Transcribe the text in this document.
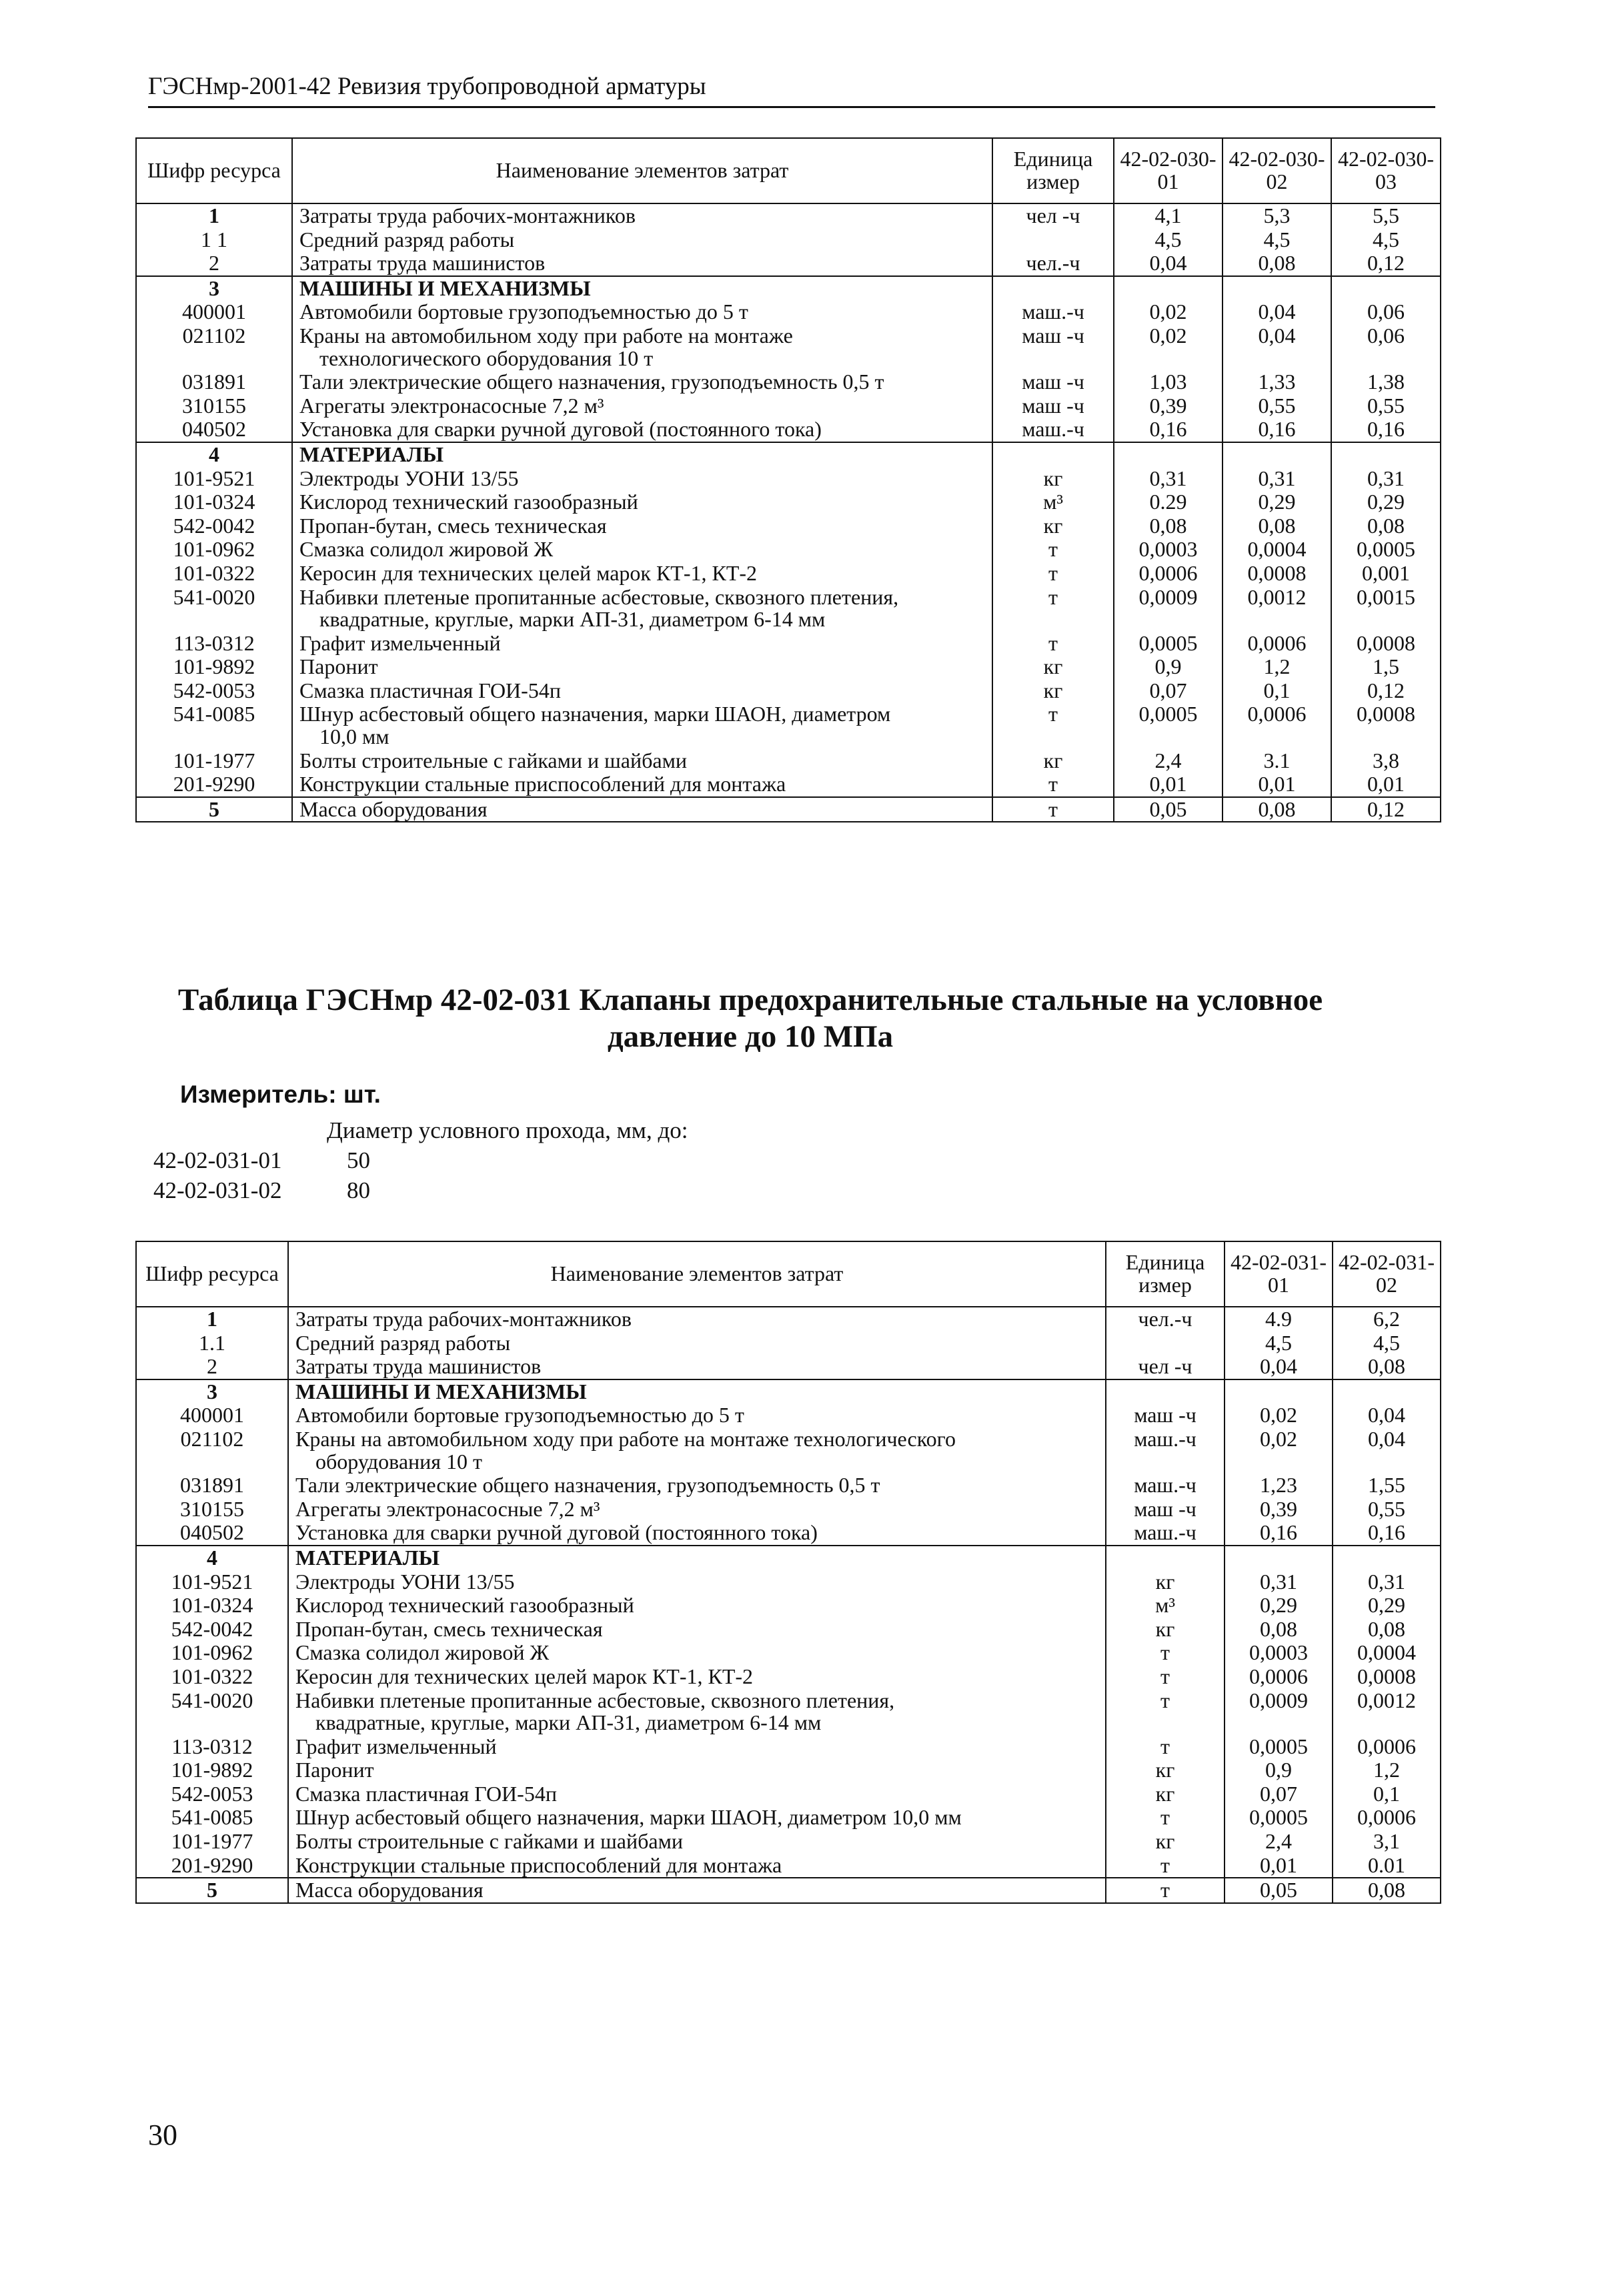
ГЭСНмр-2001-42 Ревизия трубопроводной арматуры
Шифр ресурса	Наименование элементов затрат	Единица измер	42-02-030-01	42-02-030-02	42-02-030-03
1	Затраты труда рабочих-монтажников	чел -ч	4,1	5,3	5,5
1 1	Средний разряд работы		4,5	4,5	4,5
2	Затраты труда машинистов	чел.-ч	0,04	0,08	0,12
3	МАШИНЫ И МЕХАНИЗМЫ				
400001	Автомобили бортовые грузоподъемностью до 5 т	маш.-ч	0,02	0,04	0,06
021102	Краны на автомобильном ходу при работе на монтаже
технологического оборудования 10 т	маш -ч	0,02	0,04	0,06
031891	Тали электрические общего назначения, грузоподъемность 0,5 т	маш -ч	1,03	1,33	1,38
310155	Агрегаты электронасосные 7,2 м³	маш -ч	0,39	0,55	0,55
040502	Установка для сварки ручной дуговой (постоянного тока)	маш.-ч	0,16	0,16	0,16
4	МАТЕРИАЛЫ				
101-9521	Электроды УОНИ 13/55	кг	0,31	0,31	0,31
101-0324	Кислород технический газообразный	м³	0.29	0,29	0,29
542-0042	Пропан-бутан, смесь техническая	кг	0,08	0,08	0,08
101-0962	Смазка солидол жировой Ж	т	0,0003	0,0004	0,0005
101-0322	Керосин для технических целей марок КТ-1, КТ-2	т	0,0006	0,0008	0,001
541-0020	Набивки плетеные пропитанные асбестовые, сквозного плетения,
квадратные, круглые, марки АП-31, диаметром 6-14 мм	т	0,0009	0,0012	0,0015
113-0312	Графит измельченный	т	0,0005	0,0006	0,0008
101-9892	Паронит	кг	0,9	1,2	1,5
542-0053	Смазка пластичная ГОИ-54п	кг	0,07	0,1	0,12
541-0085	Шнур асбестовый общего назначения, марки ШАОН, диаметром
10,0 мм	т	0,0005	0,0006	0,0008
101-1977	Болты строительные с гайками и шайбами	кг	2,4	3.1	3,8
201-9290	Конструкции стальные приспособлений для монтажа	т	0,01	0,01	0,01
5	Масса оборудования	т	0,05	0,08	0,12
Таблица ГЭСНмр 42-02-031 Клапаны предохранительные стальные на условное
давление до 10 МПа
Измеритель: шт.
Диаметр условного прохода, мм, до:
42-02-031-01	50
42-02-031-02	80
Шифр ресурса	Наименование элементов затрат	Единица измер	42-02-031-01	42-02-031-02
1	Затраты труда рабочих-монтажников	чел.-ч	4.9	6,2
1.1	Средний разряд работы		4,5	4,5
2	Затраты труда машинистов	чел -ч	0,04	0,08
3	МАШИНЫ И МЕХАНИЗМЫ			
400001	Автомобили бортовые грузоподъемностью до 5 т	маш -ч	0,02	0,04
021102	Краны на автомобильном ходу при работе на монтаже технологического
оборудования 10 т	маш.-ч	0,02	0,04
031891	Тали электрические общего назначения, грузоподъемность 0,5 т	маш.-ч	1,23	1,55
310155	Агрегаты электронасосные 7,2 м³	маш -ч	0,39	0,55
040502	Установка для сварки ручной дуговой (постоянного тока)	маш.-ч	0,16	0,16
4	МАТЕРИАЛЫ			
101-9521	Электроды УОНИ 13/55	кг	0,31	0,31
101-0324	Кислород технический газообразный	м³	0,29	0,29
542-0042	Пропан-бутан, смесь техническая	кг	0,08	0,08
101-0962	Смазка солидол жировой Ж	т	0,0003	0,0004
101-0322	Керосин для технических целей марок КТ-1, КТ-2	т	0,0006	0,0008
541-0020	Набивки плетеные пропитанные асбестовые, сквозного плетения,
квадратные, круглые, марки АП-31, диаметром 6-14 мм	т	0,0009	0,0012
113-0312	Графит измельченный	т	0,0005	0,0006
101-9892	Паронит	кг	0,9	1,2
542-0053	Смазка пластичная ГОИ-54п	кг	0,07	0,1
541-0085	Шнур асбестовый общего назначения, марки ШАОН, диаметром 10,0 мм	т	0,0005	0,0006
101-1977	Болты строительные с гайками и шайбами	кг	2,4	3,1
201-9290	Конструкции стальные приспособлений для монтажа	т	0,01	0.01
5	Масса оборудования	т	0,05	0,08
30
